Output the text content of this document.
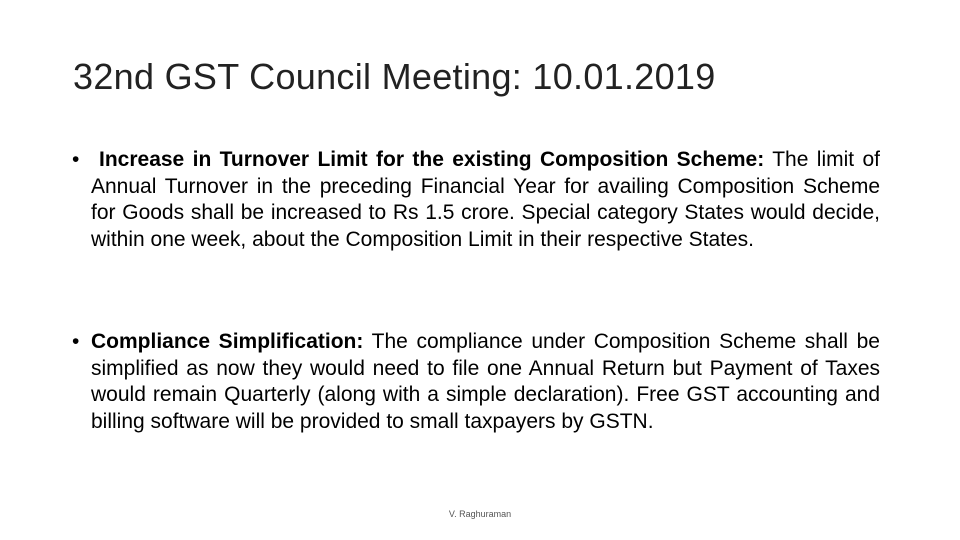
32nd GST Council Meeting: 10.01.2019
• Increase in Turnover Limit for the existing Composition Scheme: The limit of Annual Turnover in the preceding Financial Year for availing Composition Scheme for Goods shall be increased to Rs 1.5 crore. Special category States would decide, within one week, about the Composition Limit in their respective States.
• Compliance Simplification: The compliance under Composition Scheme shall be simplified as now they would need to file one Annual Return but Payment of Taxes would remain Quarterly (along with a simple declaration). Free GST accounting and billing software will be provided to small taxpayers by GSTN.
V. Raghuraman
